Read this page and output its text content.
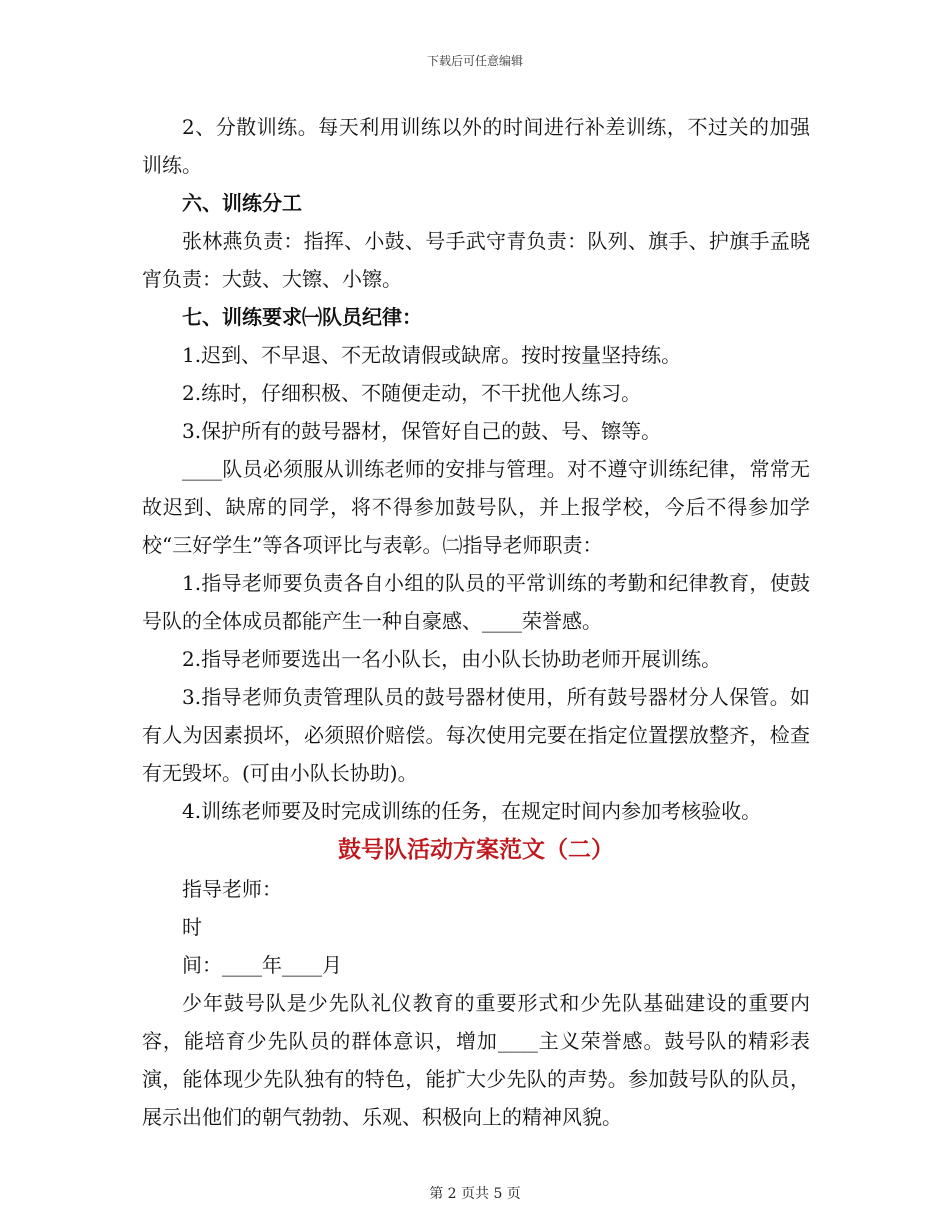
下载后可任意编辑

2、分散训练。每天利用训练以外的时间进行补差训练，不过关的加强训练。

六、训练分工

张林燕负责：指挥、小鼓、号手武守青负责：队列、旗手、护旗手孟晓宵负责：大鼓、大镲、小镲。

七、训练要求㈠队员纪律：

1.迟到、不早退、不无故请假或缺席。按时按量坚持练。

2.练时，仔细积极、不随便走动，不干扰他人练习。

3.保护所有的鼓号器材，保管好自己的鼓、号、镲等。

____队员必须服从训练老师的安排与管理。对不遵守训练纪律，常常无故迟到、缺席的同学，将不得参加鼓号队，并上报学校，今后不得参加学校“三好学生”等各项评比与表彰。㈡指导老师职责：

1.指导老师要负责各自小组的队员的平常训练的考勤和纪律教育，使鼓号队的全体成员都能产生一种自豪感、____荣誉感。

2.指导老师要选出一名小队长，由小队长协助老师开展训练。

3.指导老师负责管理队员的鼓号器材使用，所有鼓号器材分人保管。如有人为因素损坏，必须照价赔偿。每次使用完要在指定位置摆放整齐，检查有无毁坏。(可由小队长协助)。

4.训练老师要及时完成训练的任务，在规定时间内参加考核验收。

鼓号队活动方案范文（二）

指导老师：

时

间：____年____月

少年鼓号队是少先队礼仪教育的重要形式和少先队基础建设的重要内容，能培育少先队员的群体意识，增加____主义荣誉感。鼓号队的精彩表演，能体现少先队独有的特色，能扩大少先队的声势。参加鼓号队的队员，展示出他们的朝气勃勃、乐观、积极向上的精神风貌。

第 2 页共 5 页
